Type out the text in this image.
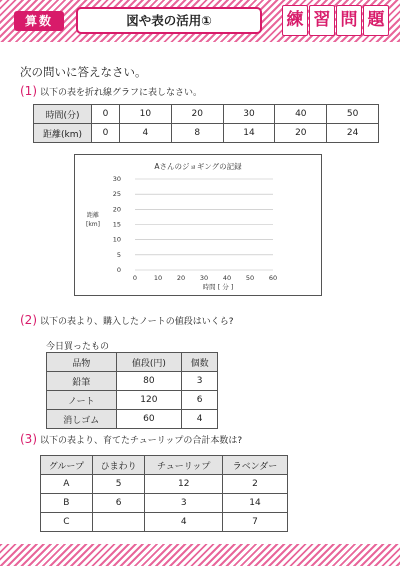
算数	図や表の活用①	練 習 問 題
次の問いに答えなさい。
(1) 以下の表を折れ線グラフに表しなさい。
時間(分)	0	10	20	30	40	50
距離(km)	0	4	8	14	20	24
Aさんのジョギングの記録
0
5
10
15
20
25
30
0	10 20 30 40 50 60
距離
[km]
時間 [ 分 ]
(2) 以下の表より、購入したノートの値段はいくら?
今日買ったもの
品物	値段(円)	個数
鉛筆	80	3
ノート	120	6
消しゴム	60	4
(3) 以下の表より、育てたチューリップの合計本数は?
グループ	ひまわり	チューリップ	ラベンダー
A	5	12	2
B	6	3	14
C		4	7
